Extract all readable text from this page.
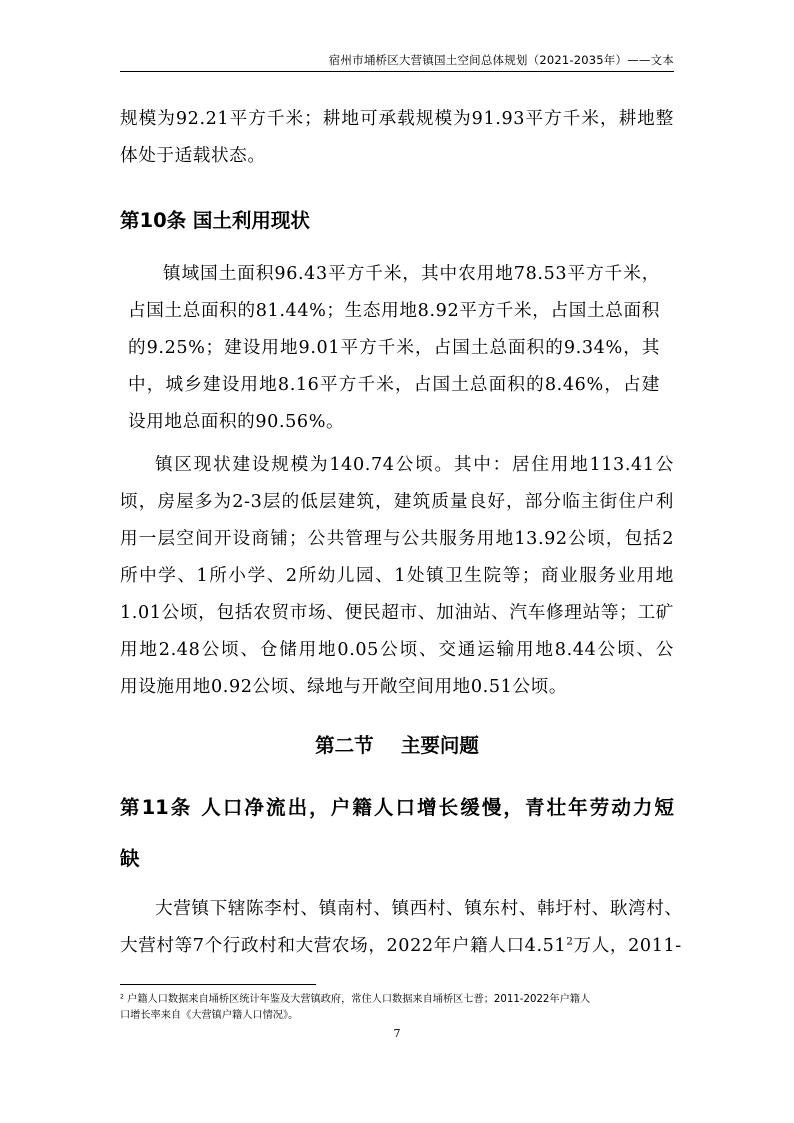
宿州市埇桥区大营镇国土空间总体规划（2021-2035年）——文本
规模为92.21平方千米；耕地可承载规模为91.93平方千米，耕地整
体处于适载状态。
第10条 国土利用现状
镇域国土面积96.43平方千米，其中农用地78.53平方千米，
占国土总面积的81.44%；生态用地8.92平方千米，占国土总面积
的9.25%；建设用地9.01平方千米，占国土总面积的9.34%，其
中，城乡建设用地8.16平方千米，占国土总面积的8.46%，占建
设用地总面积的90.56%。
镇区现状建设规模为140.74公顷。其中：居住用地113.41公
顷，房屋多为2-3层的低层建筑，建筑质量良好，部分临主街住户利
用一层空间开设商铺；公共管理与公共服务用地13.92公顷，包括2
所中学、1所小学、2所幼儿园、1处镇卫生院等；商业服务业用地
1.01公顷，包括农贸市场、便民超市、加油站、汽车修理站等；工矿
用地2.48公顷、仓储用地0.05公顷、交通运输用地8.44公顷、公
用设施用地0.92公顷、绿地与开敞空间用地0.51公顷。
第二节    主要问题
第11条 人口净流出，户籍人口增长缓慢，青壮年劳动力短
缺
大营镇下辖陈李村、镇南村、镇西村、镇东村、韩圩村、耿湾村、
大营村等7个行政村和大营农场，2022年户籍人口4.51$^2$万人，2011-
$^2$ 户籍人口数据来自埇桥区统计年鉴及大营镇政府，常住人口数据来自埇桥区七普；2011-2022年户籍人
口增长率来自《大营镇户籍人口情况》。
7
